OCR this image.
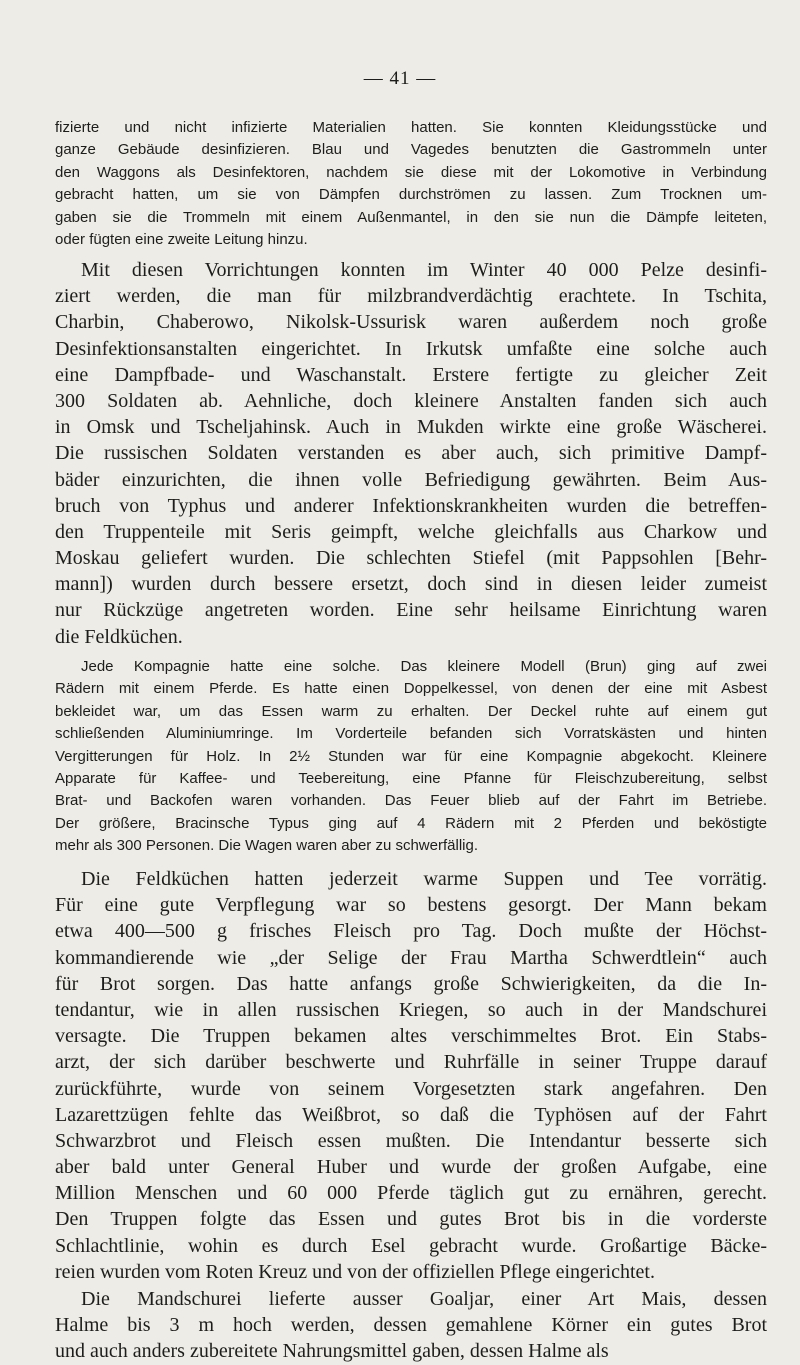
— 41 —
fizierte und nicht infizierte Materialien hatten. Sie konnten Kleidungsstücke und
ganze Gebäude desinfizieren. Blau und Vagedes benutzten die Gastrommeln unter
den Waggons als Desinfektoren, nachdem sie diese mit der Lokomotive in Verbindung
gebracht hatten, um sie von Dämpfen durchströmen zu lassen. Zum Trocknen um-
gaben sie die Trommeln mit einem Außenmantel, in den sie nun die Dämpfe leiteten,
oder fügten eine zweite Leitung hinzu.
Mit diesen Vorrichtungen konnten im Winter 40 000 Pelze desinfi-
ziert werden, die man für milzbrandverdächtig erachtete. In Tschita,
Charbin, Chaberowo, Nikolsk-Ussurisk waren außerdem noch große
Desinfektionsanstalten eingerichtet. In Irkutsk umfaßte eine solche auch
eine Dampfbade- und Waschanstalt. Erstere fertigte zu gleicher Zeit
300 Soldaten ab. Aehnliche, doch kleinere Anstalten fanden sich auch
in Omsk und Tscheljahinsk. Auch in Mukden wirkte eine große Wäscherei.
Die russischen Soldaten verstanden es aber auch, sich primitive Dampf-
bäder einzurichten, die ihnen volle Befriedigung gewährten. Beim Aus-
bruch von Typhus und anderer Infektionskrankheiten wurden die betreffen-
den Truppenteile mit Seris geimpft, welche gleichfalls aus Charkow und
Moskau geliefert wurden. Die schlechten Stiefel (mit Pappsohlen [Behr-
mann]) wurden durch bessere ersetzt, doch sind in diesen leider zumeist
nur Rückzüge angetreten worden. Eine sehr heilsame Einrichtung waren
die Feldküchen.
Jede Kompagnie hatte eine solche. Das kleinere Modell (Brun) ging auf zwei
Rädern mit einem Pferde. Es hatte einen Doppelkessel, von denen der eine mit Asbest
bekleidet war, um das Essen warm zu erhalten. Der Deckel ruhte auf einem gut
schließenden Aluminiumringe. Im Vorderteile befanden sich Vorratskästen und hinten
Vergitterungen für Holz. In 2½ Stunden war für eine Kompagnie abgekocht. Kleinere
Apparate für Kaffee- und Teebereitung, eine Pfanne für Fleischzubereitung, selbst
Brat- und Backofen waren vorhanden. Das Feuer blieb auf der Fahrt im Betriebe.
Der größere, Bracinsche Typus ging auf 4 Rädern mit 2 Pferden und beköstigte
mehr als 300 Personen. Die Wagen waren aber zu schwerfällig.
Die Feldküchen hatten jederzeit warme Suppen und Tee vorrätig.
Für eine gute Verpflegung war so bestens gesorgt. Der Mann bekam
etwa 400—500 g frisches Fleisch pro Tag. Doch mußte der Höchst-
kommandierende wie „der Selige der Frau Martha Schwerdtlein“ auch
für Brot sorgen. Das hatte anfangs große Schwierigkeiten, da die In-
tendantur, wie in allen russischen Kriegen, so auch in der Mandschurei
versagte. Die Truppen bekamen altes verschimmeltes Brot. Ein Stabs-
arzt, der sich darüber beschwerte und Ruhrfälle in seiner Truppe darauf
zurückführte, wurde von seinem Vorgesetzten stark angefahren. Den
Lazarettzügen fehlte das Weißbrot, so daß die Typhösen auf der Fahrt
Schwarzbrot und Fleisch essen mußten. Die Intendantur besserte sich
aber bald unter General Huber und wurde der großen Aufgabe, eine
Million Menschen und 60 000 Pferde täglich gut zu ernähren, gerecht.
Den Truppen folgte das Essen und gutes Brot bis in die vorderste
Schlachtlinie, wohin es durch Esel gebracht wurde. Großartige Bäcke-
reien wurden vom Roten Kreuz und von der offiziellen Pflege eingerichtet.
Die Mandschurei lieferte ausser Goaljar, einer Art Mais, dessen
Halme bis 3 m hoch werden, dessen gemahlene Körner ein gutes Brot
und auch anders zubereitete Nahrungsmittel gaben, dessen Halme als
